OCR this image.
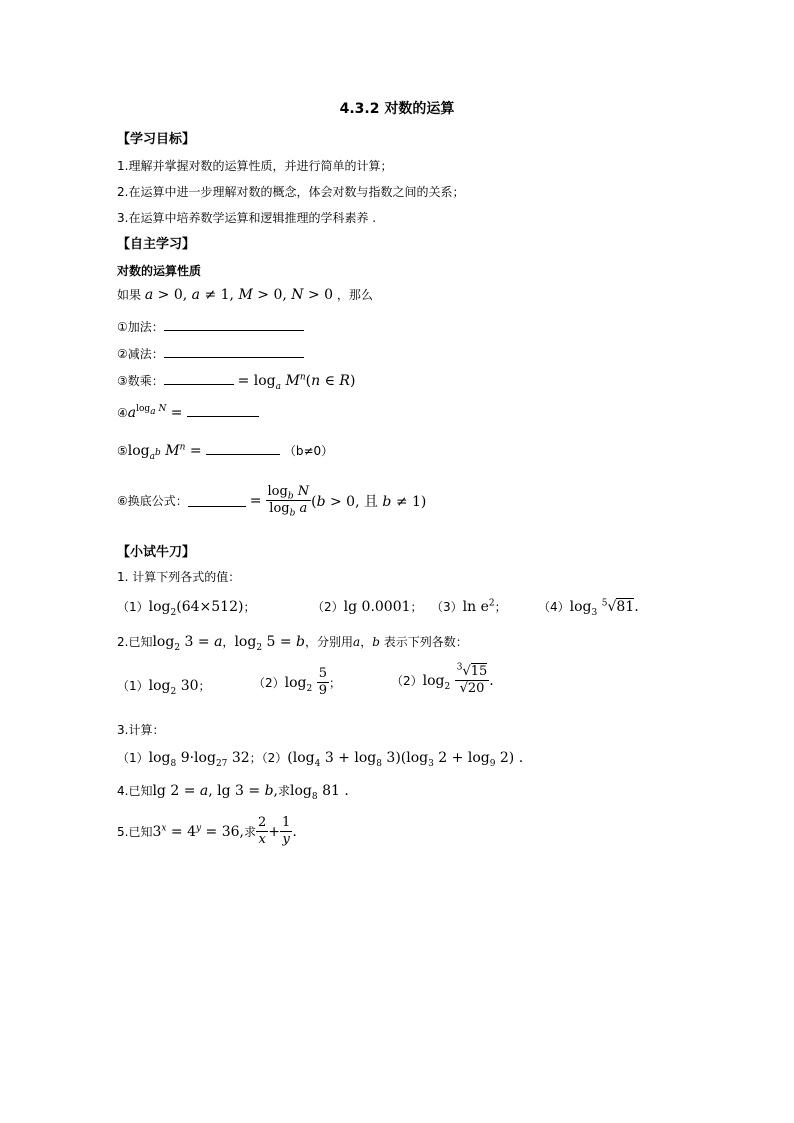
4.3.2 对数的运算
【学习目标】
1.理解并掌握对数的运算性质，并进行简单的计算；
2.在运算中进一步理解对数的概念，体会对数与指数之间的关系；
3.在运算中培养数学运算和逻辑推理的学科素养 .
【自主学习】
对数的运算性质
如果 a > 0, a ≠ 1, M > 0, N > 0 ，那么
①加法：
②减法：
③数乘：	= $\log_a M^n(n$ ∈ R)
$④a^{log_a N}$ =
$⑤\log_{a^b}$ $M^n$ =	（b≠0）
⑥换底公式：	= $\frac{\log_b N}{\log_b a} (b > 0$, 且 b ≠ 1)
【小试牛刀】
1. 计算下列各式的值：
$(1)\log_2(64\times 512)$；	（2）lg 0.0001； （3）ln $e^2$；	$(4)\log_3$ $^5$√81.
2.已知$\log_2 3 = a$，$\log_2 5 = b$，分别用a，b 表示下列各数：
$(1)\log_2$ 30；	（2） $\log_2 \frac{5}{9}$ ；	（2） $\log_2 \frac{^3√15}{√20}$ .
3.计算：
$(1)\log_8$ $9\cdot\log_{27}$ 32；$(2)(\log_4$ $3 + \log_8 3)(\log_3$ $2 + \log_9 2$) .
4.已知lg 2 = a, lg 3 = b,求$\log_8 81$ .
5.已知 $3^x = 4^y = 36$, 求 $\frac{2}{x} + \frac{1}{y}$ .
